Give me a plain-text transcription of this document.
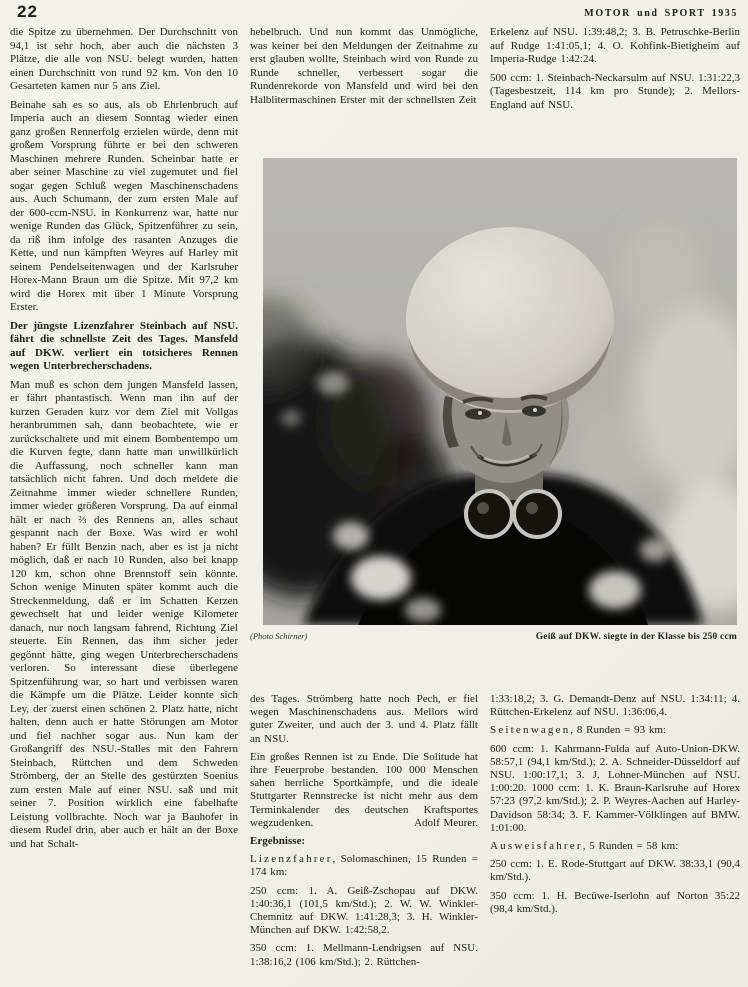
22	MOTOR und SPORT 1935

die Spitze zu übernehmen. Der Durchschnitt von 94,1 ist sehr hoch, aber auch die nächsten 3 Plätze, die alle von NSU. belegt wurden, hatten einen Durchschnitt von rund 92 km. Von den 10 Gesarteten kamen nur 5 ans Ziel.

Beinahe sah es so aus, als ob Ehrlenbruch auf Imperia auch an diesem Sonntag wieder einen ganz großen Rennerfolg erzielen würde, denn mit großem Vorsprung führte er bei den schweren Maschinen mehrere Runden. Scheinbar hatte er aber seiner Maschine zu viel zugemutet und fiel sogar gegen Schluß wegen Maschinenschadens aus. Auch Schumann, der zum ersten Male auf der 600-ccm-NSU. in Konkurrenz war, hatte nur wenige Runden das Glück, Spitzenführer zu sein, da riß ihm infolge des rasanten Anzuges die Kette, und nun kämpften Weyres auf Harley mit seinem Pendelseitenwagen und der Karlsruher Horex-Mann Braun um die Spitze. Mit 97,2 km wird die Horex mit über 1 Minute Vorsprung Erster.

Der jüngste Lizenzfahrer Steinbach auf NSU. fährt die schnellste Zeit des Tages. Mansfeld auf DKW. verliert ein totsicheres Rennen wegen Unterbrecherschadens.

Man muß es schon dem jungen Mansfeld lassen, er fährt phantastisch. Wenn man ihn auf der kurzen Geraden kurz vor dem Ziel mit Vollgas heranbrummen sah, dann beobachtete, wie er zurückschaltete und mit einem Bombentempo um die Kurven fegte, dann hatte man unwillkürlich die Auffassung, noch schneller kann man tatsächlich nicht fahren. Und doch meldete die Zeitnahme immer wieder schnellere Runden, immer wieder größeren Vorsprung. Da auf einmal hält er nach ⅔ des Rennens an, alles schaut gespannt nach der Boxe. Was wird er wohl haben? Er füllt Benzin nach, aber es ist ja nicht möglich, daß er nach 10 Runden, also bei knapp 120 km, schon ohne Brennstoff sein könnte. Schon wenige Minuten später kommt auch die Streckenmeldung, daß er im Schatten Kerzen gewechselt hat und leider wenige Kilometer danach, nur noch langsam fahrend, Richtung Ziel steuerte. Ein Rennen, das ihm sicher jeder gegönnt hätte, ging wegen Unterbrecherschadens verloren. So interessant diese überlegene Spitzenführung war, so hart und verbissen waren die Kämpfe um die Plätze. Leider konnte sich Ley, der zuerst einen schönen 2. Platz hatte, nicht halten, denn auch er hatte Störungen am Motor und fiel nachher sogar aus. Nun kam der Großangriff des NSU.-Stalles mit den Fahrern Steinbach, Rüttchen und dem Schweden Strömberg, der an Stelle des gestürzten Soenius zum ersten Male auf einer NSU. saß und mit seiner 7. Position wirklich eine fabelhafte Leistung vollbrachte. Noch war ja Bauhofer in diesem Rudel drin, aber auch er hält an der Boxe und hat Schalt-

hebelbruch. Und nun kommt das Unmögliche, was keiner bei den Meldungen der Zeitnahme zu erst glauben wollte, Steinbach wird von Runde zu Runde schneller, verbessert sogar die Rundenrekorde von Mansfeld und wird bei den Halblitermaschinen Erster mit der schnellsten Zeit

Erkelenz auf NSU. 1:39:48,2; 3. B. Petruschke-Berlin auf Rudge 1:41:05,1; 4. O. Kohfink-Bietigheim auf Imperia-Rudge 1:42:24.

500 ccm: 1. Steinbach-Neckarsulm auf NSU. 1:31:22,3 (Tagesbestzeit, 114 km pro Stunde); 2. Mellors-England auf NSU.

(Photo Schirner)	Geiß auf DKW. siegte in der Klasse bis 250 ccm

des Tages. Strömberg hatte noch Pech, er fiel wegen Maschinenschadens aus. Mellors wird guter Zweiter, und auch der 3. und 4. Platz fällt an NSU.

Ein großes Rennen ist zu Ende. Die Solitude hat ihre Feuerprobe bestanden. 100 000 Menschen sahen herrliche Sportkämpfe, und die ideale Stuttgarter Rennstrecke ist nicht mehr aus dem Terminkalender des deutschen Kraftsportes wegzudenken.	Adolf Meurer.

Ergebnisse:

Lizenzfahrer, Solomaschinen, 15 Runden = 174 km:

250 ccm: 1. A. Geiß-Zschopau auf DKW. 1:40:36,1 (101,5 km/Std.); 2. W. W. Winkler-Chemnitz auf DKW. 1:41:28,3; 3. H. Winkler-München auf DKW. 1:42:58,2.

350 ccm: 1. Mellmann-Lendrigsen auf NSU. 1:38:16,2 (106 km/Std.); 2. Rüttchen-

1:33:18,2; 3. G. Demandt-Denz auf NSU. 1:34:11; 4. Rüttchen-Erkelenz auf NSU. 1:36:06,4.

Seitenwagen, 8 Runden = 93 km:

600 ccm: 1. Kahrmann-Fulda auf Auto-Union-DKW. 58:57,1 (94,1 km/Std.); 2. A. Schneider-Düsseldorf auf NSU. 1:00:17,1; 3. J. Lohner-München auf NSU. 1:00:20. 1000 ccm: 1. K. Braun-Karlsruhe auf Horex 57:23 (97,2 km/Std.); 2. P. Weyres-Aachen auf Harley-Davidson 58:34; 3. F. Kammer-Völklingen auf BMW. 1:01:00.

Ausweisfahrer, 5 Runden = 58 km:

250 ccm: 1. E. Rode-Stuttgart auf DKW. 38:33,1 (90,4 km/Std.).

350 ccm: 1. H. Becüwe-Iserlohn auf Norton 35:22 (98,4 km/Std.).
